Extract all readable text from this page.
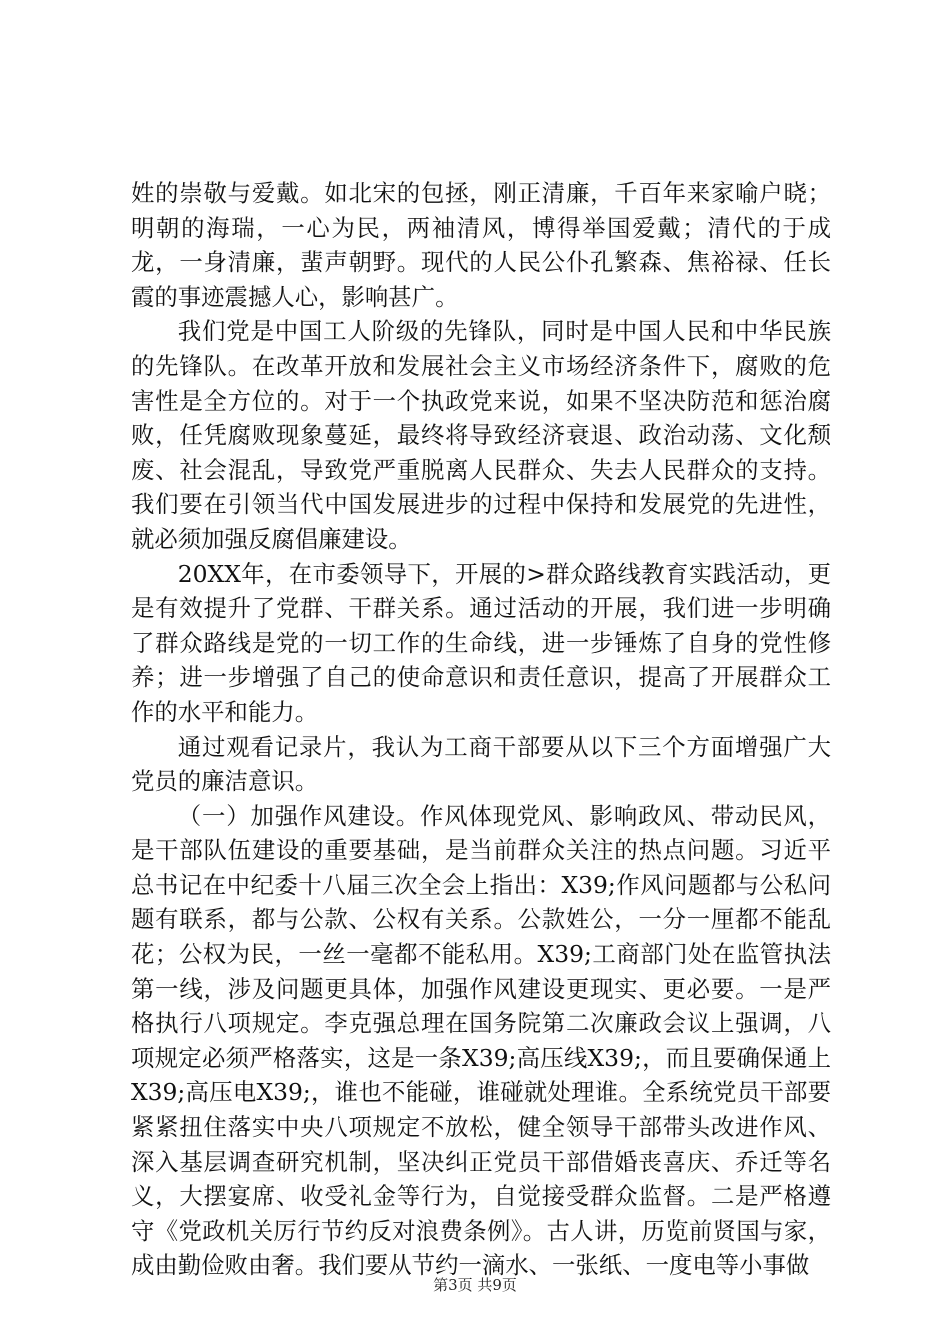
姓的崇敬与爱戴。如北宋的包拯，刚正清廉，千百年来家喻户晓；明朝的海瑞，一心为民，两袖清风，博得举国爱戴；清代的于成龙，一身清廉，蜚声朝野。现代的人民公仆孔繁森、焦裕禄、任长霞的事迹震撼人心，影响甚广。

我们党是中国工人阶级的先锋队，同时是中国人民和中华民族的先锋队。在改革开放和发展社会主义市场经济条件下，腐败的危害性是全方位的。对于一个执政党来说，如果不坚决防范和惩治腐败，任凭腐败现象蔓延，最终将导致经济衰退、政治动荡、文化颓废、社会混乱，导致党严重脱离人民群众、失去人民群众的支持。我们要在引领当代中国发展进步的过程中保持和发展党的先进性，就必须加强反腐倡廉建设。

20XX年，在市委领导下，开展的>群众路线教育实践活动，更是有效提升了党群、干群关系。通过活动的开展，我们进一步明确了群众路线是党的一切工作的生命线，进一步锤炼了自身的党性修养；进一步增强了自己的使命意识和责任意识，提高了开展群众工作的水平和能力。

通过观看记录片，我认为工商干部要从以下三个方面增强广大党员的廉洁意识。

（一）加强作风建设。作风体现党风、影响政风、带动民风，是干部队伍建设的重要基础，是当前群众关注的热点问题。习近平总书记在中纪委十八届三次全会上指出：X39;作风问题都与公私问题有联系，都与公款、公权有关系。公款姓公，一分一厘都不能乱花；公权为民，一丝一毫都不能私用。X39;工商部门处在监管执法第一线，涉及问题更具体，加强作风建设更现实、更必要。一是严格执行八项规定。李克强总理在国务院第二次廉政会议上强调，八项规定必须严格落实，这是一条X39;高压线X39;，而且要确保通上X39;高压电X39;，谁也不能碰，谁碰就处理谁。全系统党员干部要紧紧扭住落实中央八项规定不放松，健全领导干部带头改进作风、深入基层调查研究机制，坚决纠正党员干部借婚丧喜庆、乔迁等名义，大摆宴席、收受礼金等行为，自觉接受群众监督。二是严格遵守《党政机关厉行节约反对浪费条例》。古人讲，历览前贤国与家，成由勤俭败由奢。我们要从节约一滴水、一张纸、一度电等小事做

第3页 共9页
